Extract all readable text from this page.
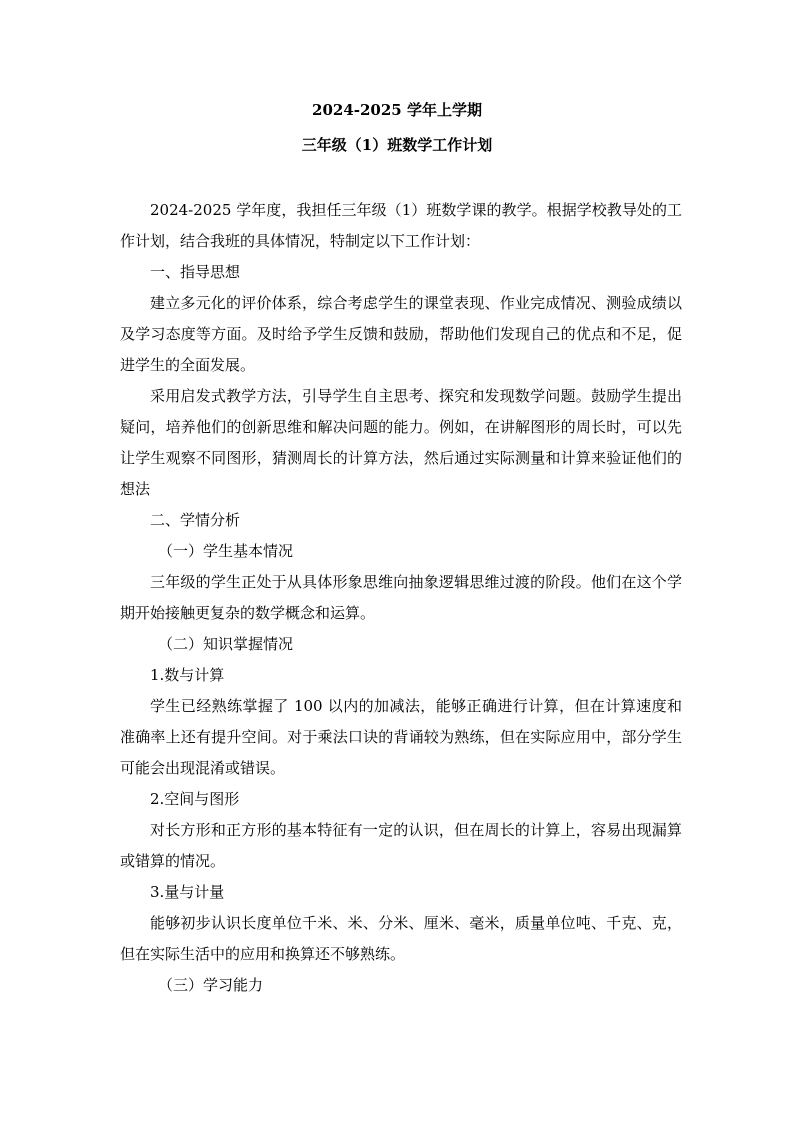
2024-2025 学年上学期
三年级（1）班数学工作计划

2024-2025 学年度，我担任三年级（1）班数学课的教学。根据学校教导处的工作计划，结合我班的具体情况，特制定以下工作计划：

一、指导思想

建立多元化的评价体系，综合考虑学生的课堂表现、作业完成情况、测验成绩以及学习态度等方面。及时给予学生反馈和鼓励，帮助他们发现自己的优点和不足，促进学生的全面发展。

采用启发式教学方法，引导学生自主思考、探究和发现数学问题。鼓励学生提出疑问，培养他们的创新思维和解决问题的能力。例如，在讲解图形的周长时，可以先让学生观察不同图形，猜测周长的计算方法，然后通过实际测量和计算来验证他们的想法

二、学情分析

（一）学生基本情况

三年级的学生正处于从具体形象思维向抽象逻辑思维过渡的阶段。他们在这个学期开始接触更复杂的数学概念和运算。

（二）知识掌握情况

1.数与计算

学生已经熟练掌握了 100 以内的加减法，能够正确进行计算，但在计算速度和准确率上还有提升空间。对于乘法口诀的背诵较为熟练，但在实际应用中，部分学生可能会出现混淆或错误。

2.空间与图形

对长方形和正方形的基本特征有一定的认识，但在周长的计算上，容易出现漏算或错算的情况。

3.量与计量

能够初步认识长度单位千米、米、分米、厘米、毫米，质量单位吨、千克、克，但在实际生活中的应用和换算还不够熟练。

（三）学习能力
